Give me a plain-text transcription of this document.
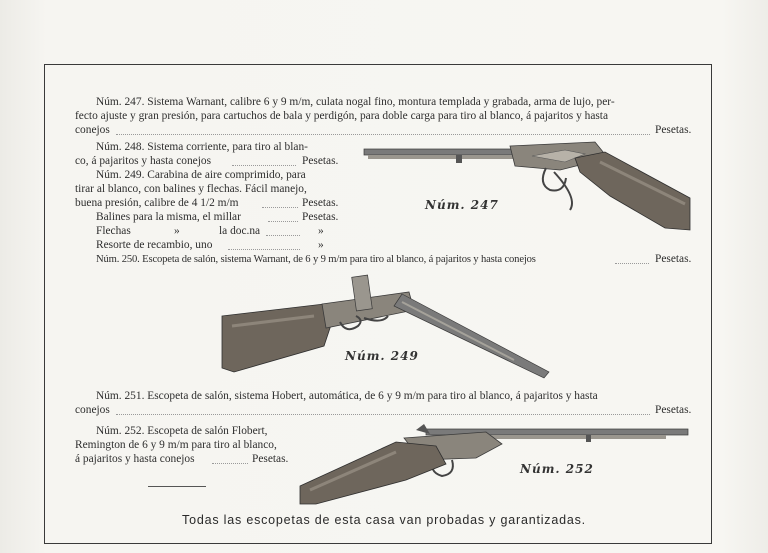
Núm. 247. Sistema Warnant, calibre 6 y 9 m/m, culata nogal fino, montura templada y grabada, arma de lujo, per-
fecto ajuste y gran presión, para cartuchos de bala y perdigón, para doble carga para tiro al blanco, á pajaritos y hasta
conejos	Pesetas.
Núm. 248. Sistema corriente, para tiro al blan-
co, á pajaritos y hasta conejos	Pesetas.
Núm. 249. Carabina de aire comprimido, para
tirar al blanco, con balines y flechas. Fácil manejo,
buena presión, calibre de 4 1/2 m/m	Pesetas.
Balines para la misma, el millar	Pesetas.
Flechas	»	la doc.na	»
Resorte de recambio, uno	»
Núm. 250. Escopeta de salón, sistema Warnant, de 6 y 9 m/m para tiro al blanco, á pajaritos y hasta conejos	Pesetas.
Núm. 251. Escopeta de salón, sistema Hobert, automática, de 6 y 9 m/m para tiro al blanco, á pajaritos y hasta
conejos	Pesetas.
Núm. 252. Escopeta de salón Flobert,
Remington de 6 y 9 m/m para tiro al blanco,
á pajaritos y hasta conejos	Pesetas.
Núm. 247
Núm. 249
Núm. 252
Todas las escopetas de esta casa van probadas y garantizadas.
